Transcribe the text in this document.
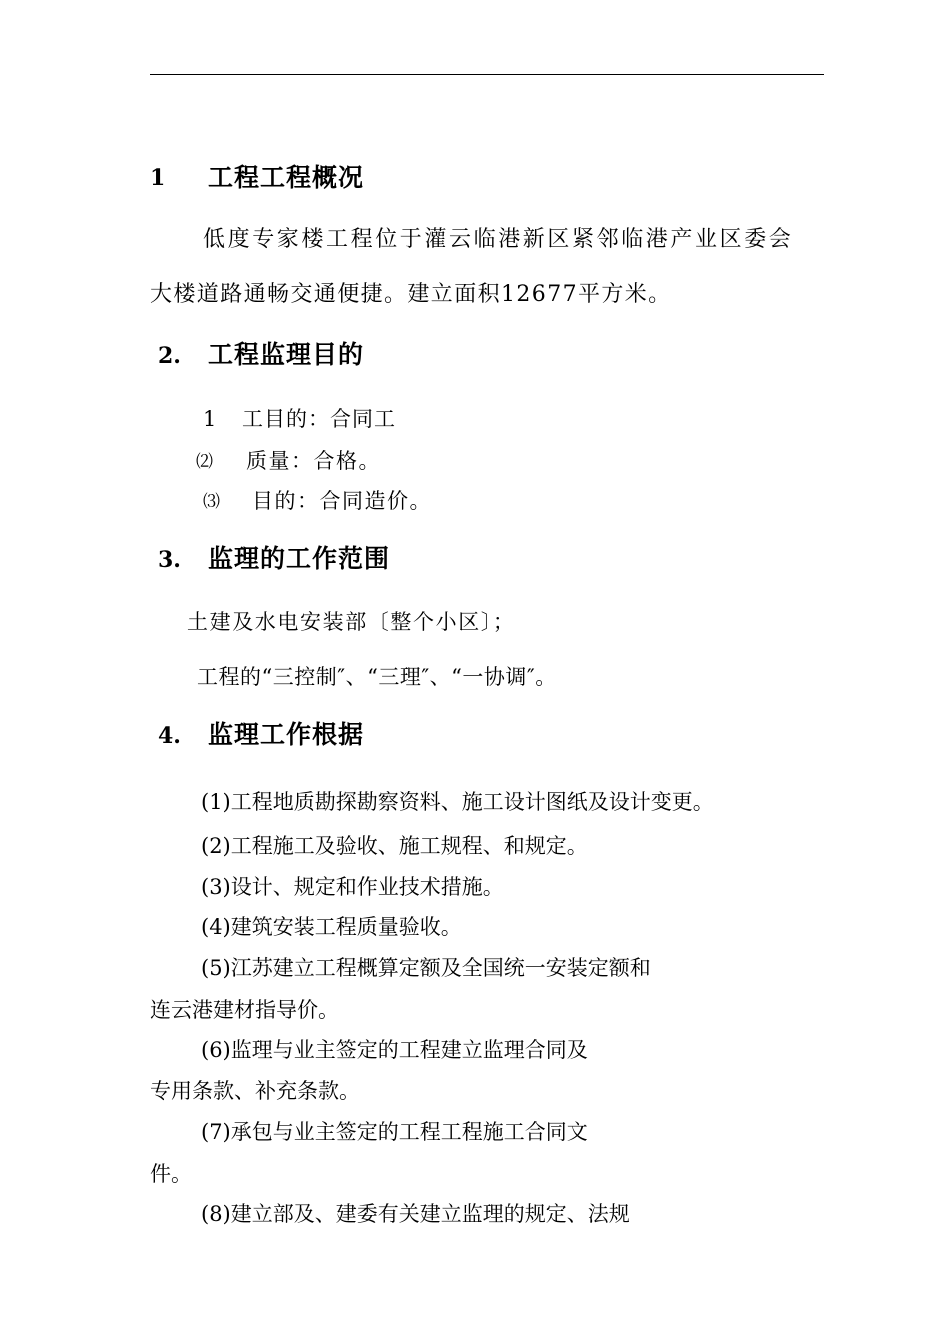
1 工程工程概况
低度专家楼工程位于灌云临港新区紧邻临港产业区委会
大楼道路通畅交通便捷。建立面积12677平方米。
2. 工程监理目的
1 工目的：合同工
⑵ 质量：合格。
⑶ 目的：合同造价。
3. 监理的工作范围
土建及水电安装部〔整个小区〕；
工程的“三控制″、“三理″、“一协调″。
4. 监理工作根据
(1)工程地质勘探勘察资料、施工设计图纸及设计变更。
(2)工程施工及验收、施工规程、和规定。
(3)设计、规定和作业技术措施。
(4)建筑安装工程质量验收。
(5)江苏建立工程概算定额及全国统一安装定额和
连云港建材指导价。
(6)监理与业主签定的工程建立监理合同及
专用条款、补充条款。
(7)承包与业主签定的工程工程施工合同文
件。
(8)建立部及、建委有关建立监理的规定、法规
